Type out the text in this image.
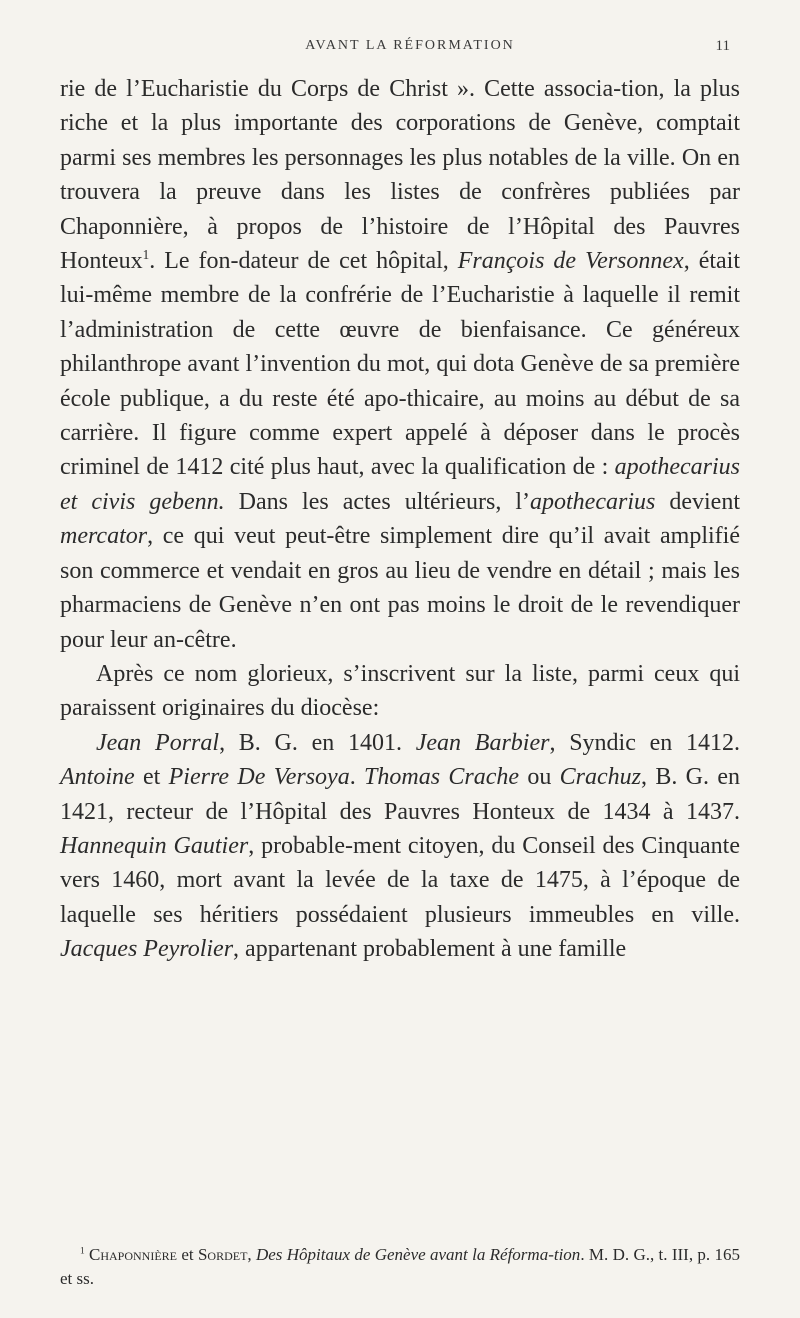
AVANT LA RÉFORMATION	11

rie de l’Eucharistie du Corps de Christ ». Cette associa-tion, la plus riche et la plus importante des corporations de Genève, comptait parmi ses membres les personnages les plus notables de la ville. On en trouvera la preuve dans les listes de confrères publiées par Chaponnière, à propos de l’histoire de l’Hôpital des Pauvres Honteux$^1$. Le fon-dateur de cet hôpital, François de Versonnex, était lui-même membre de la confrérie de l’Eucharistie à laquelle il remit l’administration de cette œuvre de bienfaisance. Ce généreux philanthrope avant l’invention du mot, qui dota Genève de sa première école publique, a du reste été apo-thicaire, au moins au début de sa carrière. Il figure comme expert appelé à déposer dans le procès criminel de 1412 cité plus haut, avec la qualification de : apothecarius et civis gebenn. Dans les actes ultérieurs, l’apothecarius devient mercator, ce qui veut peut-être simplement dire qu’il avait amplifié son commerce et vendait en gros au lieu de vendre en détail ; mais les pharmaciens de Genève n’en ont pas moins le droit de le revendiquer pour leur an-cêtre.

Après ce nom glorieux, s’inscrivent sur la liste, parmi ceux qui paraissent originaires du diocèse:

Jean Porral, B. G. en 1401. Jean Barbier, Syndic en 1412. Antoine et Pierre De Versoya. Thomas Crache ou Crachuz, B. G. en 1421, recteur de l’Hôpital des Pauvres Honteux de 1434 à 1437. Hannequin Gautier, probable-ment citoyen, du Conseil des Cinquante vers 1460, mort avant la levée de la taxe de 1475, à l’époque de laquelle ses héritiers possédaient plusieurs immeubles en ville. Jacques Peyrolier, appartenant probablement à une famille

$^1$ Chaponnière et Sordet, Des Hôpitaux de Genève avant la Réforma-tion. M. D. G., t. III, p. 165 et ss.
